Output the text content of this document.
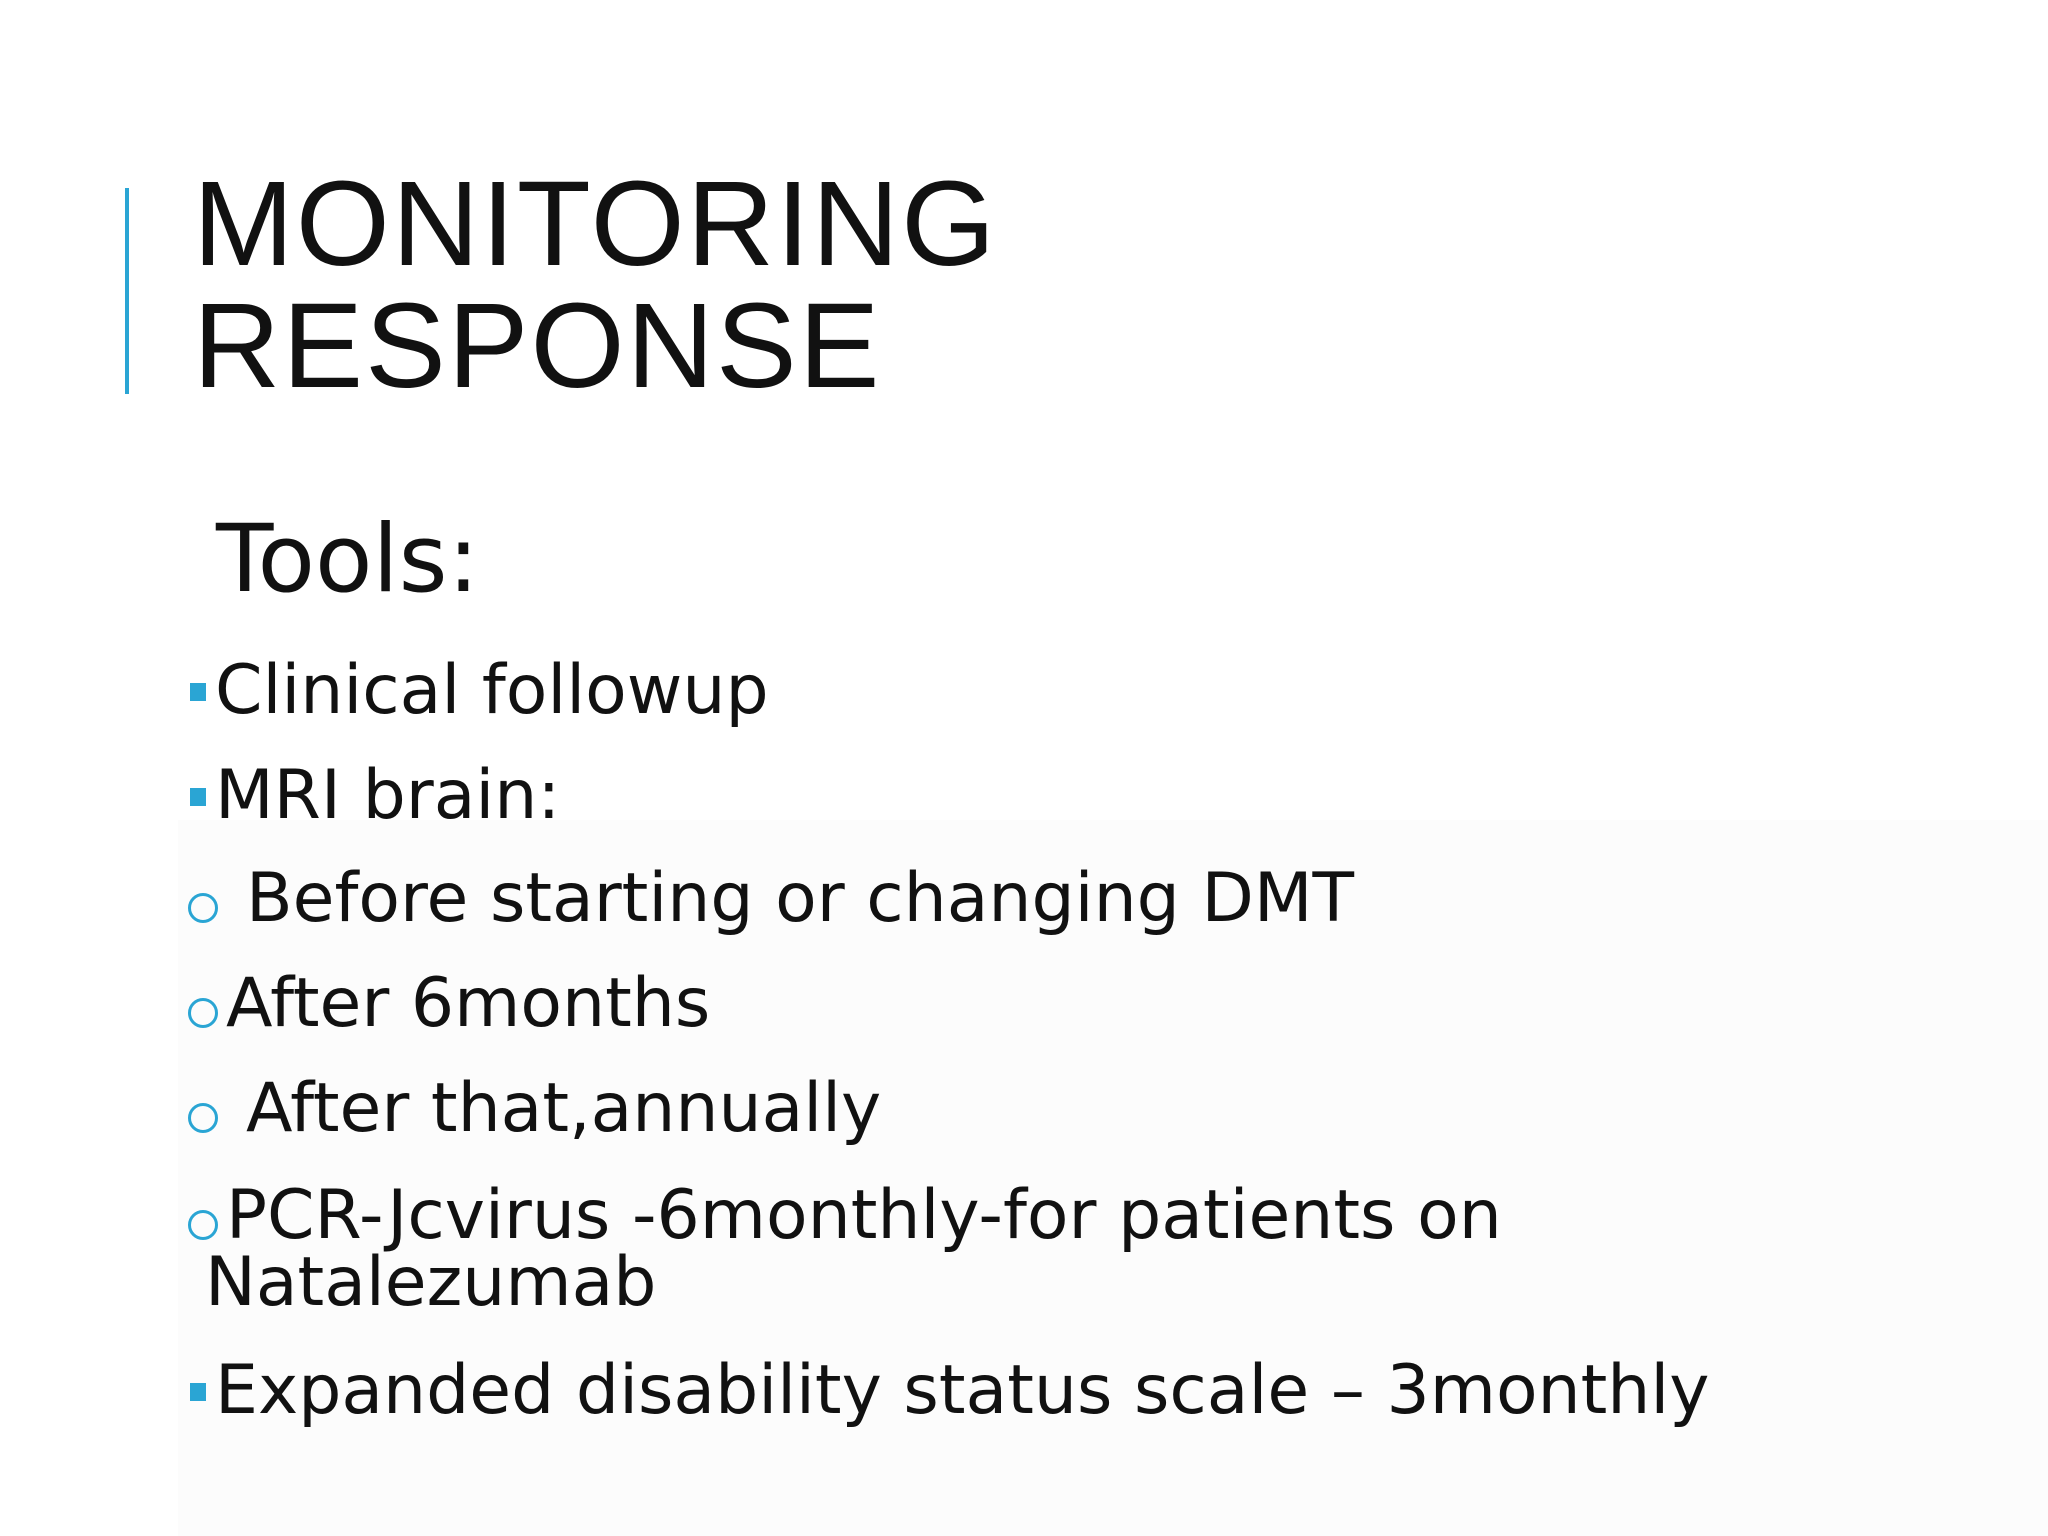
MONITORING
RESPONSE
Tools:
Clinical followup
MRI brain:
Before starting or changing DMT
After 6months
After that,annually
PCR-Jcvirus -6monthly-for patients on
Natalezumab
Expanded disability status scale – 3monthly
